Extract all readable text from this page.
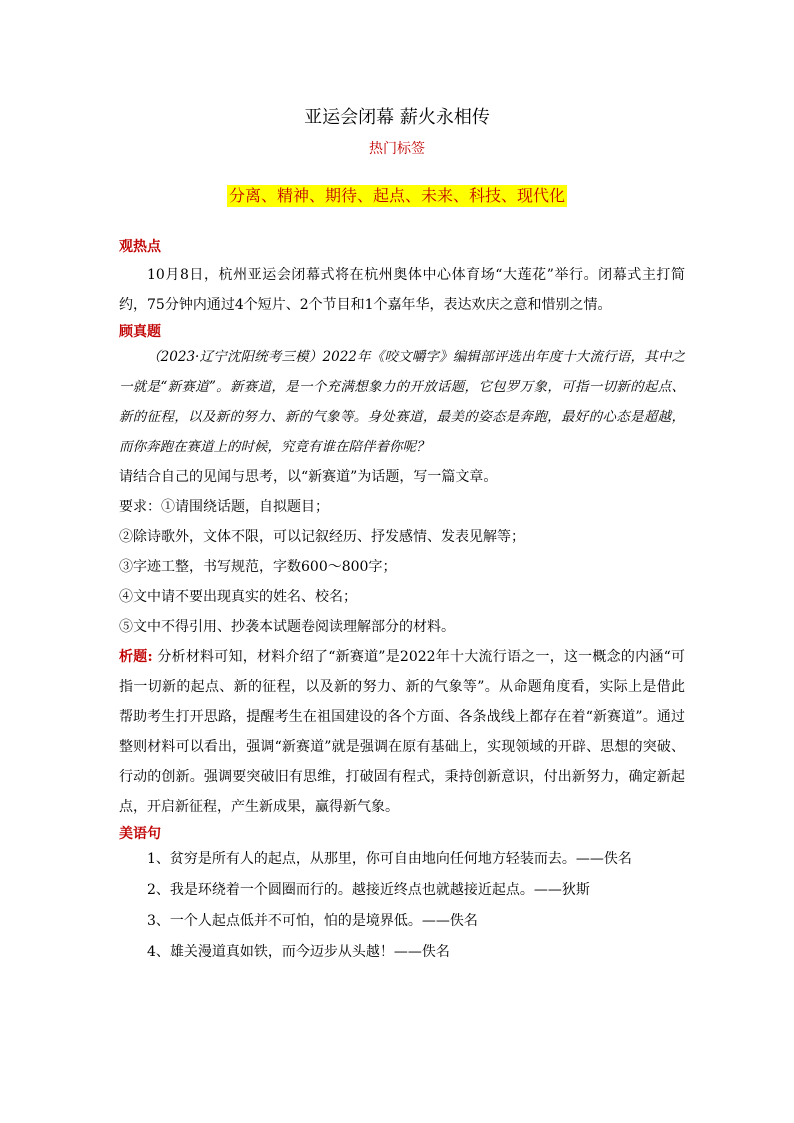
亚运会闭幕 薪火永相传
热门标签
分离、精神、期待、起点、未来、科技、现代化

观热点

10月8日，杭州亚运会闭幕式将在杭州奥体中心体育场“大莲花”举行。闭幕式主打简约，75分钟内通过4个短片、2个节目和1个嘉年华，表达欢庆之意和惜别之情。

顾真题

（2023·辽宁沈阳统考三模）2022年《咬文嚼字》编辑部评选出年度十大流行语，其中之一就是“新赛道”。新赛道，是一个充满想象力的开放话题，它包罗万象，可指一切新的起点、新的征程，以及新的努力、新的气象等。身处赛道，最美的姿态是奔跑，最好的心态是超越，而你奔跑在赛道上的时候，究竟有谁在陪伴着你呢？

请结合自己的见闻与思考，以“新赛道”为话题，写一篇文章。

要求：①请围绕话题，自拟题目；

②除诗歌外，文体不限，可以记叙经历、抒发感情、发表见解等；

③字迹工整，书写规范，字数600～800字；

④文中请不要出现真实的姓名、校名；

⑤文中不得引用、抄袭本试题卷阅读理解部分的材料。

析题: 分析材料可知，材料介绍了“新赛道”是2022年十大流行语之一，这一概念的内涵“可指一切新的起点、新的征程，以及新的努力、新的气象等”。从命题角度看，实际上是借此帮助考生打开思路，提醒考生在祖国建设的各个方面、各条战线上都存在着“新赛道”。通过整则材料可以看出，强调“新赛道”就是强调在原有基础上，实现领域的开辟、思想的突破、行动的创新。强调要突破旧有思维，打破固有程式，秉持创新意识，付出新努力，确定新起点，开启新征程，产生新成果，赢得新气象。

美语句

1、贫穷是所有人的起点，从那里，你可自由地向任何地方轻装而去。——佚名

2、我是环绕着一个圆圈而行的。越接近终点也就越接近起点。——狄斯

3、一个人起点低并不可怕，怕的是境界低。——佚名

4、雄关漫道真如铁，而今迈步从头越！——佚名
